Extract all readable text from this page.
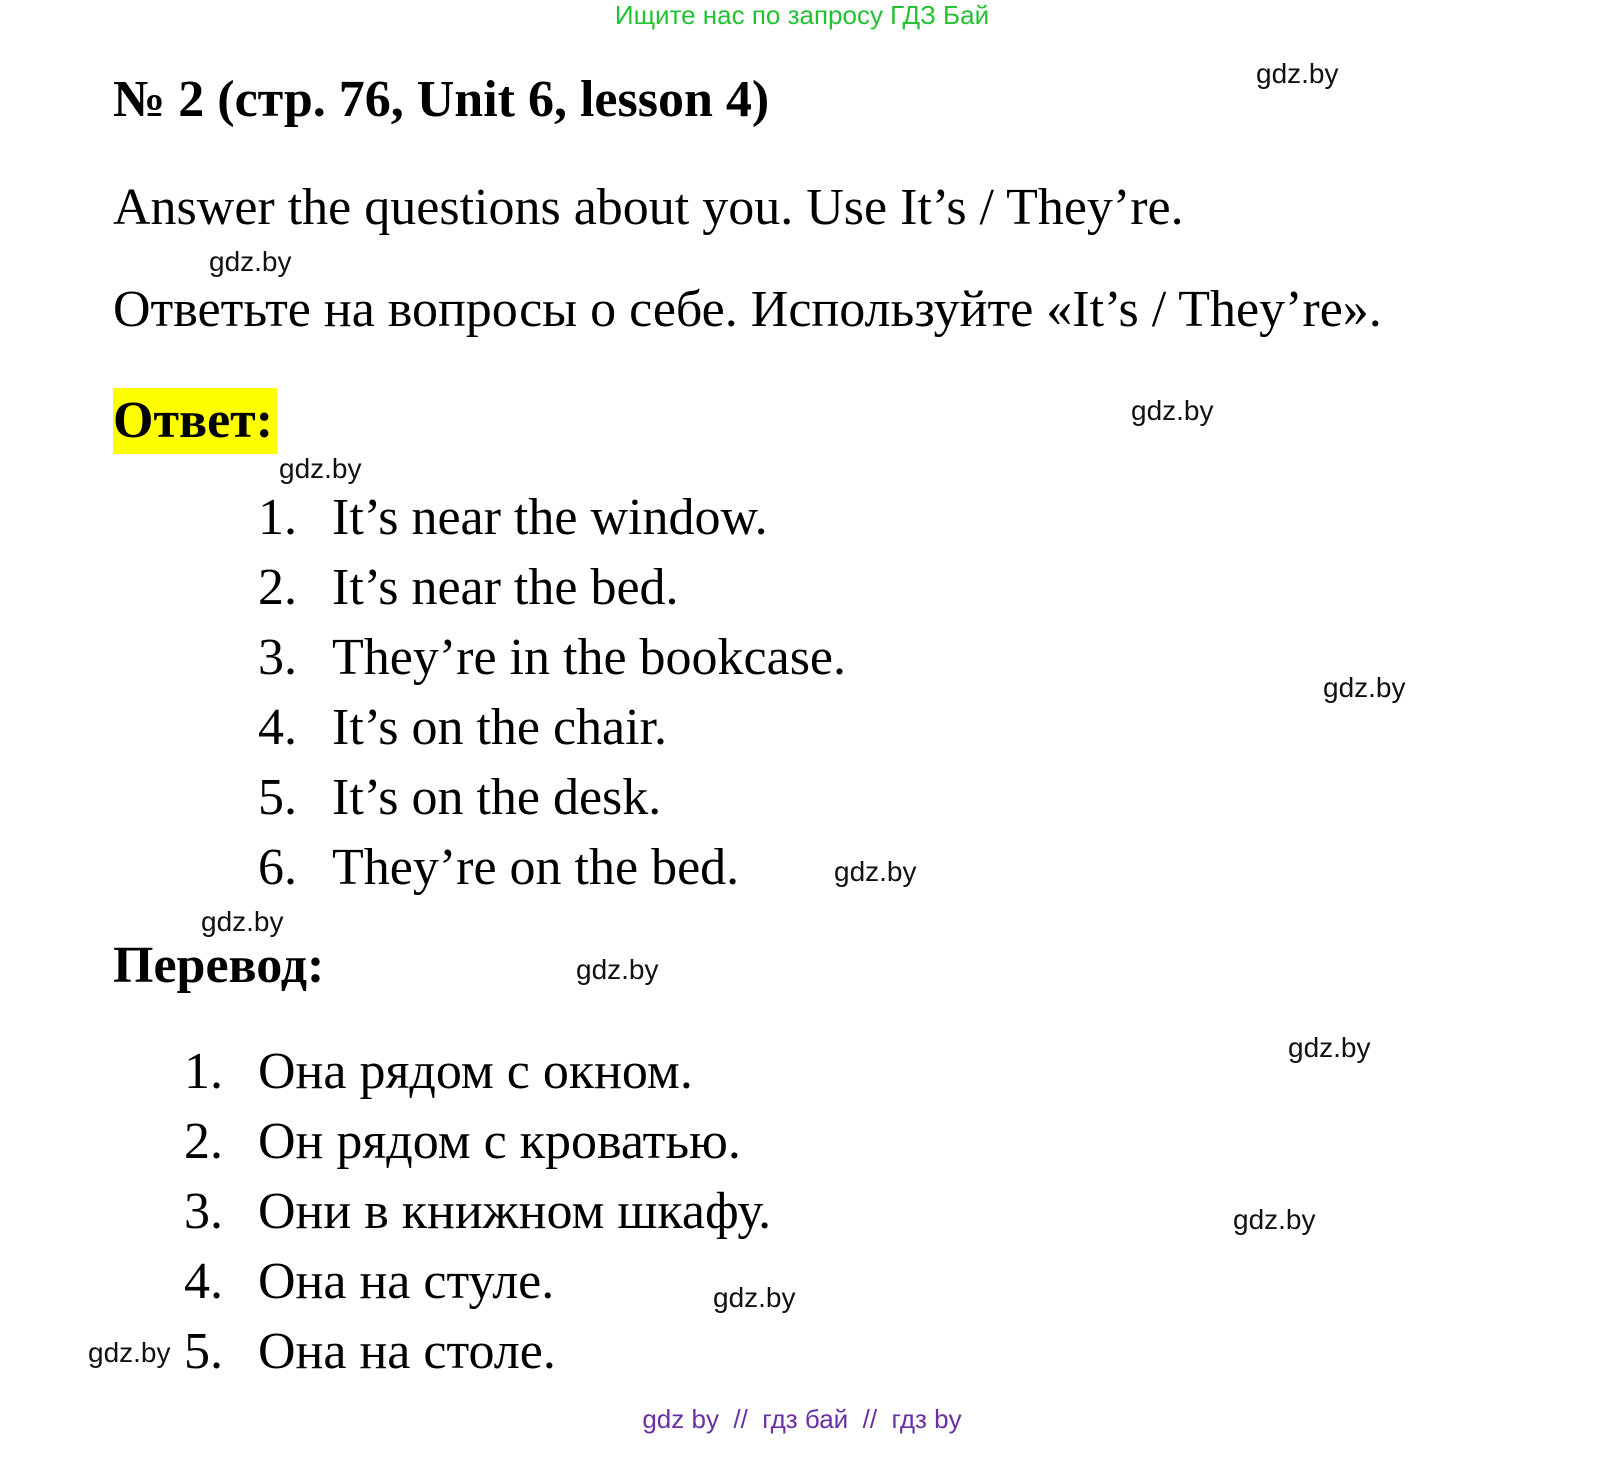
Ищите нас по запросу ГДЗ Бай
№ 2 (стр. 76, Unit 6, lesson 4)
Answer the questions about you. Use It’s / They’re.
Ответьте на вопросы о себе. Используйте «It’s / They’re».
Ответ:
1. It’s near the window.
2. It’s near the bed.
3. They’re in the bookcase.
4. It’s on the chair.
5. It’s on the desk.
6. They’re on the bed.
Перевод:
1. Она рядом с окном.
2. Он рядом с кроватью.
3. Они в книжном шкафу.
4. Она на стуле.
5. Она на столе.
gdz.by
gdz.by
gdz.by
gdz.by
gdz.by
gdz.by
gdz.by
gdz.by
gdz.by
gdz.by
gdz.by
gdz.by
gdz by  //  гдз бай  //  гдз by
